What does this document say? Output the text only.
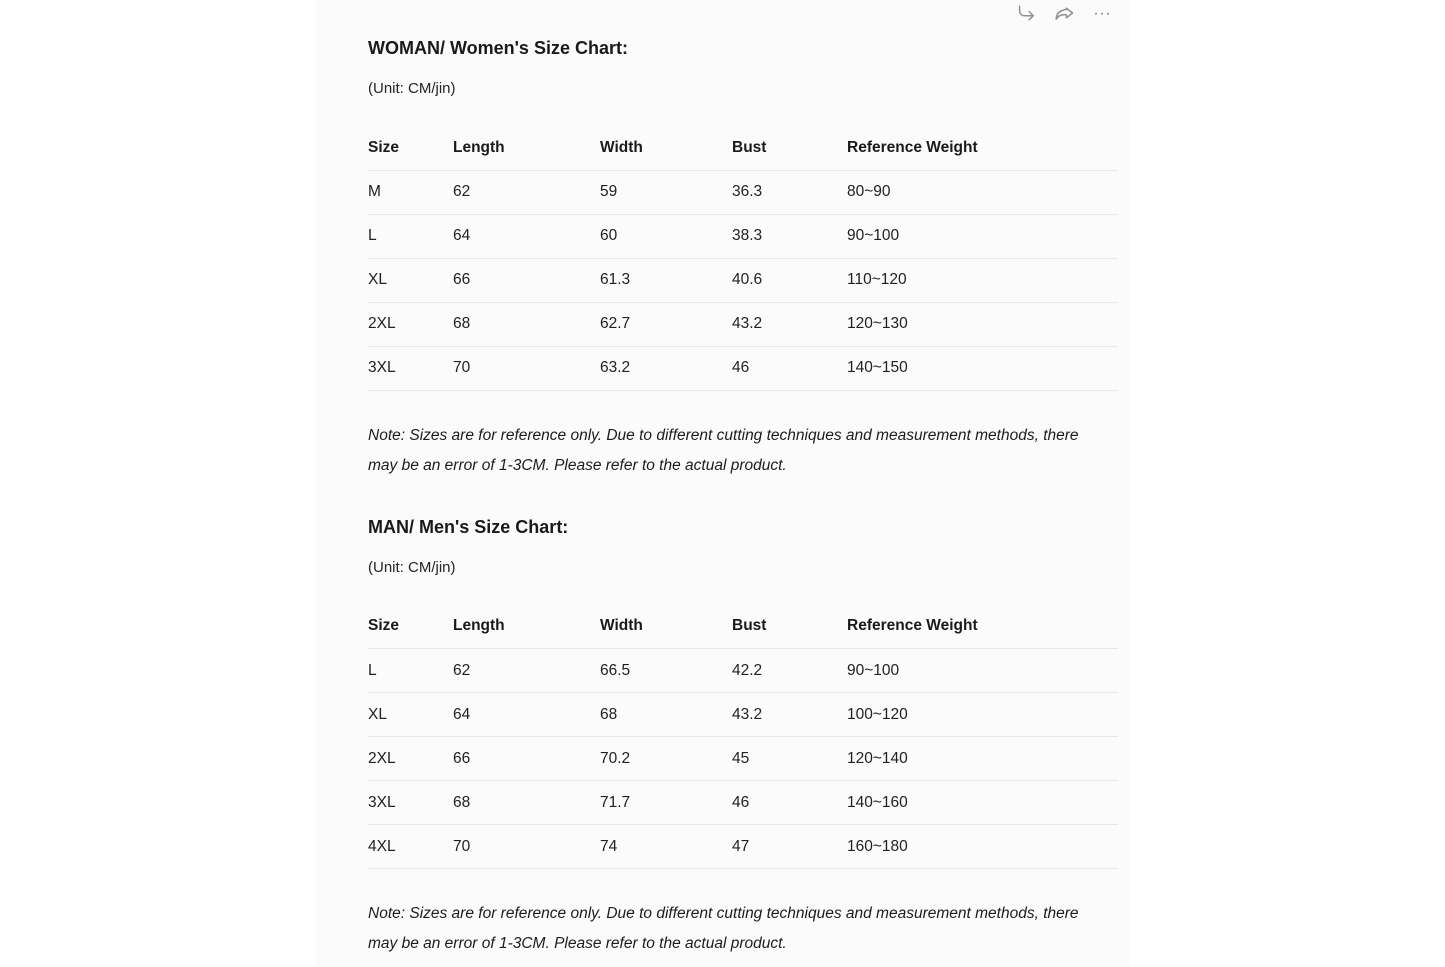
WOMAN/ Women's Size Chart:
(Unit: CM/jin)
Size	Length	Width	Bust	Reference Weight
M	62	59	36.3	80~90
L	64	60	38.3	90~100
XL	66	61.3	40.6	110~120
2XL	68	62.7	43.2	120~130
3XL	70	63.2	46	140~150
Note: Sizes are for reference only. Due to different cutting techniques and measurement methods, there may be an error of 1-3CM. Please refer to the actual product.
MAN/ Men's Size Chart:
(Unit: CM/jin)
Size	Length	Width	Bust	Reference Weight
L	62	66.5	42.2	90~100
XL	64	68	43.2	100~120
2XL	66	70.2	45	120~140
3XL	68	71.7	46	140~160
4XL	70	74	47	160~180
Note: Sizes are for reference only. Due to different cutting techniques and measurement methods, there may be an error of 1-3CM. Please refer to the actual product.
